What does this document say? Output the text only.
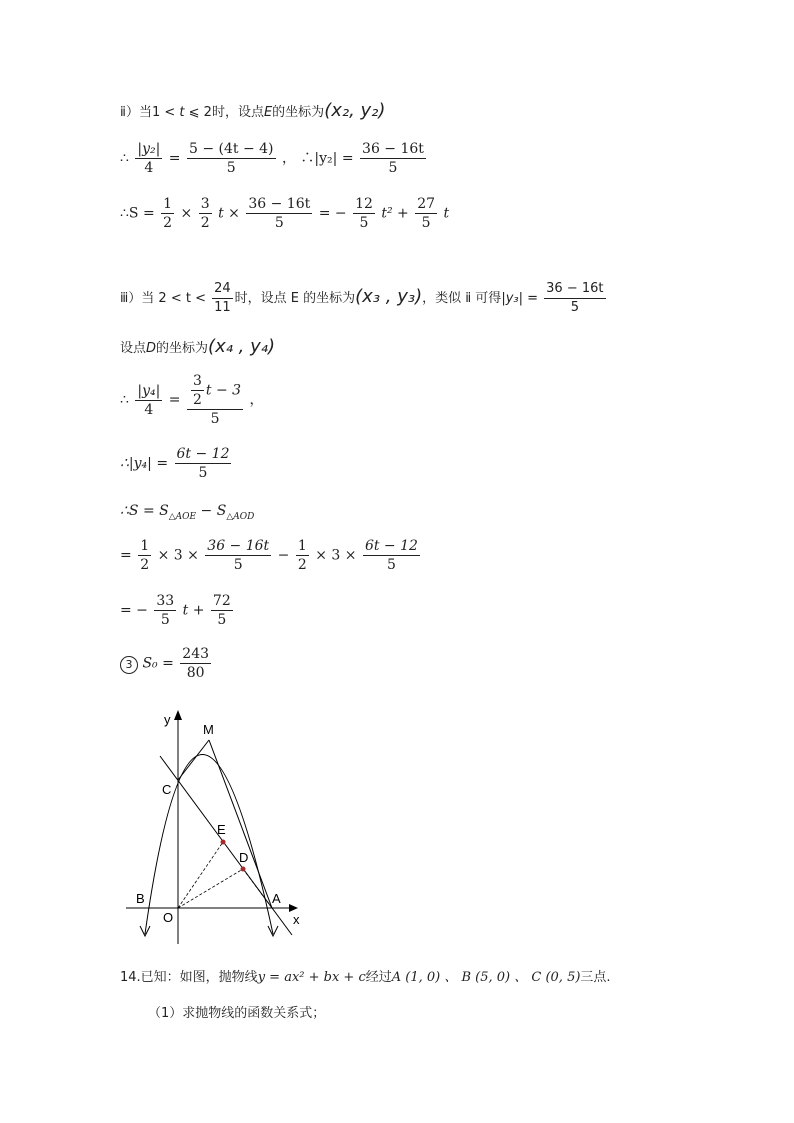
ⅱ）当1 < t ⩽ 2时，设点E的坐标为(x₂, y₂)
∴ $\frac{\text{|y₂|}}{4} = \frac{5 - (4t - 4)}{5}$ ， ∴|y₂| = $\frac{36 - 16t}{5}$
∴S = $\frac{1}{2} \times \frac{3}{2}$ $t \times \frac{36 - 16t}{5}$ = − $\frac{12}{5} t^2 + \frac{27}{5}$ t
ⅲ）当 $2 < t < \frac{24}{11}$ 时，设点 E 的坐标为(x₃ , y₃)，类似 ⅱ 可得$|y_3| = \frac{36 - 16t}{5}$
设点D的坐标为(x₄ , y₄)
∴ $\frac{\text{|y₄|}}{4} = \frac{\frac{3}{2} t - 3}{5}$ ，
∴|y₄| = $\frac{6t - 12}{5}$
∴S = $S_{\triangle AOE} - S_{\triangle AOD}$
= $\frac{1}{2} \times 3 \times \frac{36 - 16t}{5} - \frac{1}{2} \times 3 \times \frac{6t - 12}{5}$
= − $\frac{33}{5}$ $t + \frac{72}{5}$
3 $S_0 = \frac{243}{80}$
y
M
C
E
D
B
O
A
x
14.已知：如图，抛物线y = ax² + bx + c经过A (1, 0) 、 B (5, 0) 、 C (0, 5)三点.
（1）求抛物线的函数关系式；
